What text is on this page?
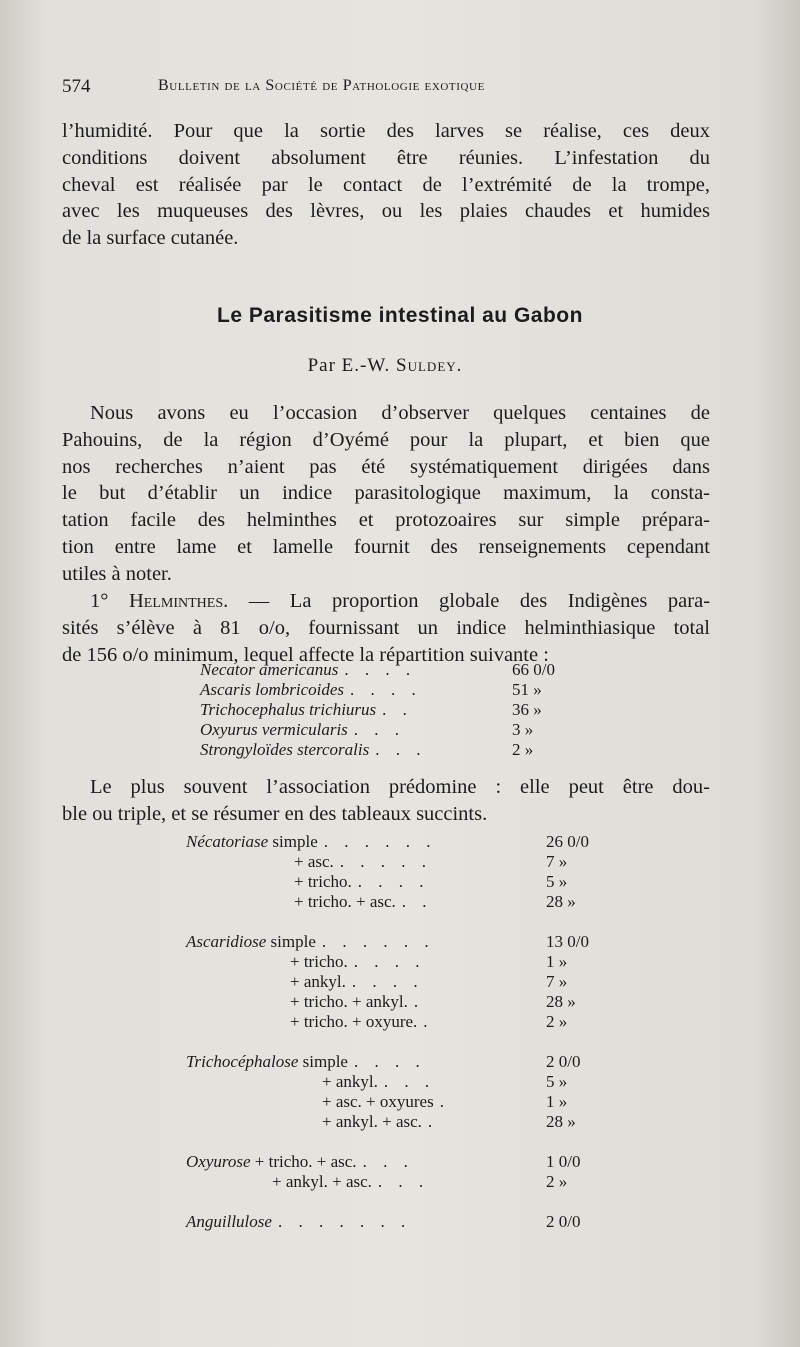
574	Bulletin de la Société de Pathologie exotique
l’humidité. Pour que la sortie des larves se réalise, ces deux
conditions doivent absolument être réunies. L’infestation du
cheval est réalisée par le contact de l’extrémité de la trompe,
avec les muqueuses des lèvres, ou les plaies chaudes et humides
de la surface cutanée.
Le Parasitisme intestinal au Gabon
Par E.-W. Suldey.
Nous avons eu l’occasion d’observer quelques centaines de
Pahouins, de la région d’Oyémé pour la plupart, et bien que
nos recherches n’aient pas été systématiquement dirigées dans
le but d’établir un indice parasitologique maximum, la consta-
tation facile des helminthes et protozoaires sur simple prépara-
tion entre lame et lamelle fournit des renseignements cependant
utiles à noter.
1° Helminthes. — La proportion globale des Indigènes para-
sités s’élève à 81 o/o, fournissant un indice helminthiasique total
de 156 o/o minimum, lequel affecte la répartition suivante :
Necator americanus . . . .	66 0/0
Ascaris lombricoides . . . .	51 »
Trichocephalus trichiurus . .	36 »
Oxyurus vermicularis . . .	3 »
Strongyloïdes stercoralis . . .	2 »
Le plus souvent l’association prédomine : elle peut être dou-
ble ou triple, et se résumer en des tableaux succints.
Nécatoriase simple . . . . . .	26 0/0
+ asc. . . . . .	7 »
+ tricho. . . . .	5 »
+ tricho. + asc. . .	28 »

Ascaridiose simple . . . . . .	13 0/0
+ tricho. . . . .	1 »
+ ankyl. . . . .	7 »
+ tricho. + ankyl. .	28 »
+ tricho. + oxyure. .	2 »

Trichocéphalose simple . . . .	2 0/0
+ ankyl. . . .	5 »
+ asc. + oxyures .	1 »
+ ankyl. + asc. .	28 »

Oxyurose + tricho. + asc. . . .	1 0/0
+ ankyl. + asc. . . .	2 »

Anguillulose . . . . . . .	2 0/0
